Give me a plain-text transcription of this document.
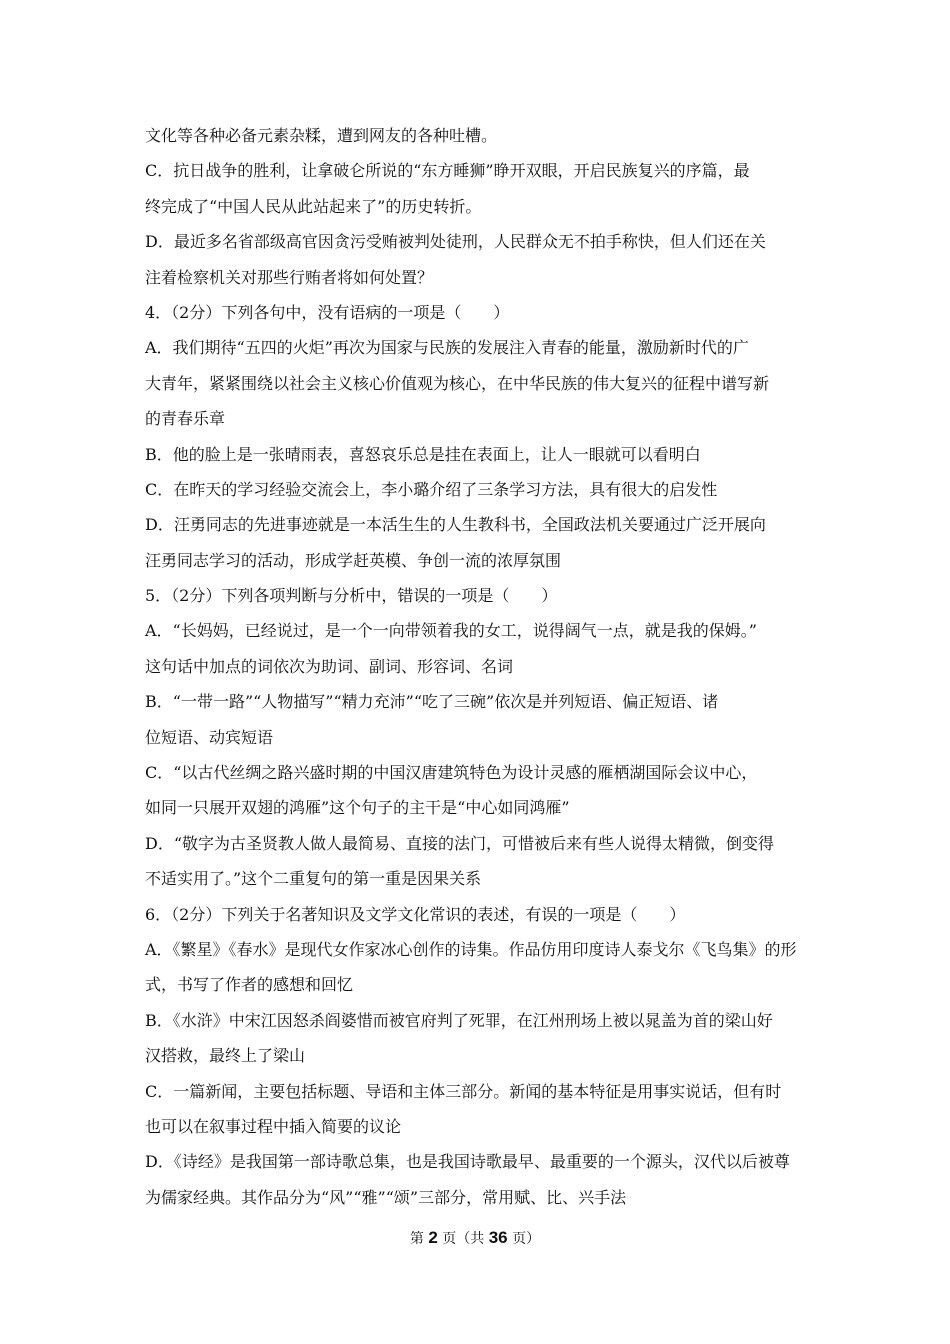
文化等各种必备元素杂糅，遭到网友的各种吐槽。
C．抗日战争的胜利，让拿破仑所说的“东方睡狮”睁开双眼，开启民族复兴的序篇，最
终完成了“中国人民从此站起来了”的历史转折。
D．最近多名省部级高官因贪污受贿被判处徒刑，人民群众无不拍手称快，但人们还在关
注着检察机关对那些行贿者将如何处置？
4．（2分）下列各句中，没有语病的一项是（　　）
A．我们期待“五四的火炬”再次为国家与民族的发展注入青春的能量，激励新时代的广
大青年，紧紧围绕以社会主义核心价值观为核心，在中华民族的伟大复兴的征程中谱写新
的青春乐章
B．他的脸上是一张晴雨表，喜怒哀乐总是挂在表面上，让人一眼就可以看明白
C．在昨天的学习经验交流会上，李小璐介绍了三条学习方法，具有很大的启发性
D．汪勇同志的先进事迹就是一本活生生的人生教科书，全国政法机关要通过广泛开展向
汪勇同志学习的活动，形成学赶英模、争创一流的浓厚氛围
5．（2分）下列各项判断与分析中，错误的一项是（　　）
A．“长妈妈，已经说过，是一个一向带领着我的女工，说得阔气一点，就是我的保姆。”
这句话中加点的词依次为助词、副词、形容词、名词
B．“一带一路”“人物描写”“精力充沛”“吃了三碗”依次是并列短语、偏正短语、诸
位短语、动宾短语
C．“以古代丝绸之路兴盛时期的中国汉唐建筑特色为设计灵感的雁栖湖国际会议中心，
如同一只展开双翅的鸿雁”这个句子的主干是“中心如同鸿雁”
D．“敬字为古圣贤教人做人最简易、直接的法门，可惜被后来有些人说得太精微，倒变得
不适实用了。”这个二重复句的第一重是因果关系
6．（2分）下列关于名著知识及文学文化常识的表述，有误的一项是（　　）
A．《繁星》《春水》是现代女作家冰心创作的诗集。作品仿用印度诗人泰戈尔《飞鸟集》的形
式，书写了作者的感想和回忆
B．《水浒》中宋江因怒杀阎婆惜而被官府判了死罪，在江州刑场上被以晁盖为首的梁山好
汉搭救，最终上了梁山
C．一篇新闻，主要包括标题、导语和主体三部分。新闻的基本特征是用事实说话，但有时
也可以在叙事过程中插入简要的议论
D．《诗经》是我国第一部诗歌总集，也是我国诗歌最早、最重要的一个源头，汉代以后被尊
为儒家经典。其作品分为“风”“雅”“颂”三部分，常用赋、比、兴手法
第 2 页（共 36 页）
